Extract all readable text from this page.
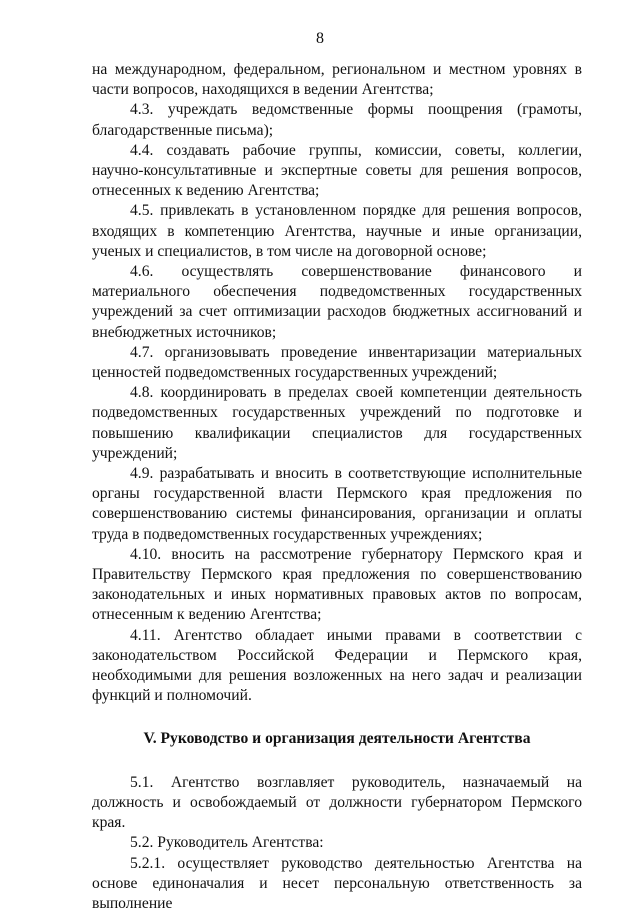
8

на международном, федеральном, региональном и местном уровнях в части вопросов, находящихся в ведении Агентства;

4.3. учреждать ведомственные формы поощрения (грамоты, благодарственные письма);

4.4. создавать рабочие группы, комиссии, советы, коллегии, научно-консультативные и экспертные советы для решения вопросов, отнесенных к ведению Агентства;

4.5. привлекать в установленном порядке для решения вопросов, входящих в компетенцию Агентства, научные и иные организации, ученых и специалистов, в том числе на договорной основе;

4.6. осуществлять совершенствование финансового и материального обеспечения подведомственных государственных учреждений за счет оптимизации расходов бюджетных ассигнований и внебюджетных источников;

4.7. организовывать проведение инвентаризации материальных ценностей подведомственных государственных учреждений;

4.8. координировать в пределах своей компетенции деятельность подведомственных государственных учреждений по подготовке и повышению квалификации специалистов для государственных учреждений;

4.9. разрабатывать и вносить в соответствующие исполнительные органы государственной власти Пермского края предложения по совершенствованию системы финансирования, организации и оплаты труда в подведомственных государственных учреждениях;

4.10. вносить на рассмотрение губернатору Пермского края и Правительству Пермского края предложения по совершенствованию законодательных и иных нормативных правовых актов по вопросам, отнесенным к ведению Агентства;

4.11. Агентство обладает иными правами в соответствии с законодательством Российской Федерации и Пермского края, необходимыми для решения возложенных на него задач и реализации функций и полномочий.

V. Руководство и организация деятельности Агентства

5.1. Агентство возглавляет руководитель, назначаемый на должность и освобождаемый от должности губернатором Пермского края.

5.2. Руководитель Агентства:

5.2.1. осуществляет руководство деятельностью Агентства на основе единоначалия и несет персональную ответственность за выполнение
